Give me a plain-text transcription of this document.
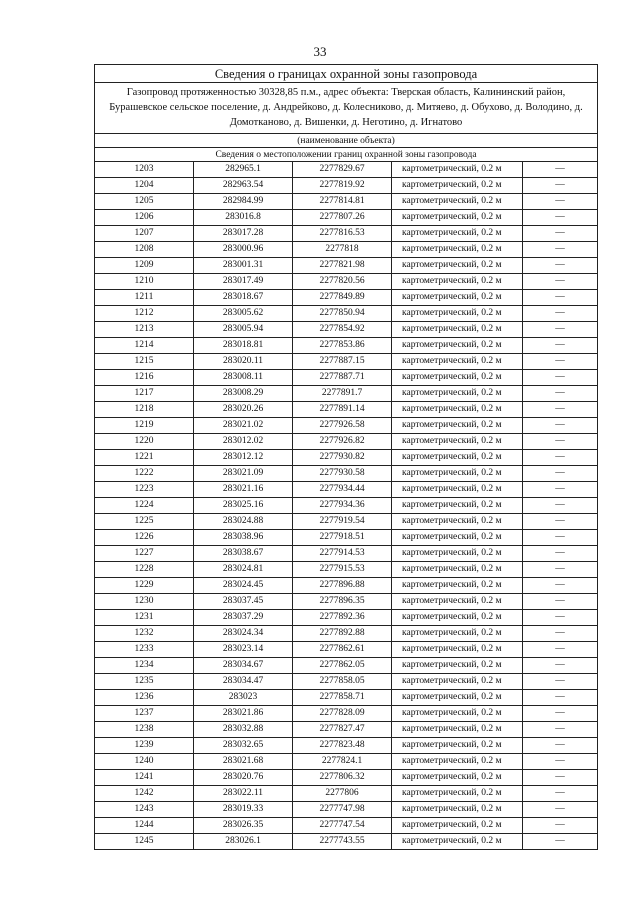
33
Сведения о границах охранной зоны газопровода				
Газопровод протяженностью 30328,85 п.м., адрес объекта: Тверская область, Калининский район, Бурашевское сельское поселение, д. Андрейково, д. Колесниково, д. Митяево, д. Обухово, д. Володино, д. Домотканово, д. Вишенки, д. Неготино, д. Игнатово				
(наименование объекта)				
Сведения о местоположении границ охранной зоны газопровода				
1203	282965.1	2277829.67	картометрический, 0.2 м	—
1204	282963.54	2277819.92	картометрический, 0.2 м	—
1205	282984.99	2277814.81	картометрический, 0.2 м	—
1206	283016.8	2277807.26	картометрический, 0.2 м	—
1207	283017.28	2277816.53	картометрический, 0.2 м	—
1208	283000.96	2277818	картометрический, 0.2 м	—
1209	283001.31	2277821.98	картометрический, 0.2 м	—
1210	283017.49	2277820.56	картометрический, 0.2 м	—
1211	283018.67	2277849.89	картометрический, 0.2 м	—
1212	283005.62	2277850.94	картометрический, 0.2 м	—
1213	283005.94	2277854.92	картометрический, 0.2 м	—
1214	283018.81	2277853.86	картометрический, 0.2 м	—
1215	283020.11	2277887.15	картометрический, 0.2 м	—
1216	283008.11	2277887.71	картометрический, 0.2 м	—
1217	283008.29	2277891.7	картометрический, 0.2 м	—
1218	283020.26	2277891.14	картометрический, 0.2 м	—
1219	283021.02	2277926.58	картометрический, 0.2 м	—
1220	283012.02	2277926.82	картометрический, 0.2 м	—
1221	283012.12	2277930.82	картометрический, 0.2 м	—
1222	283021.09	2277930.58	картометрический, 0.2 м	—
1223	283021.16	2277934.44	картометрический, 0.2 м	—
1224	283025.16	2277934.36	картометрический, 0.2 м	—
1225	283024.88	2277919.54	картометрический, 0.2 м	—
1226	283038.96	2277918.51	картометрический, 0.2 м	—
1227	283038.67	2277914.53	картометрический, 0.2 м	—
1228	283024.81	2277915.53	картометрический, 0.2 м	—
1229	283024.45	2277896.88	картометрический, 0.2 м	—
1230	283037.45	2277896.35	картометрический, 0.2 м	—
1231	283037.29	2277892.36	картометрический, 0.2 м	—
1232	283024.34	2277892.88	картометрический, 0.2 м	—
1233	283023.14	2277862.61	картометрический, 0.2 м	—
1234	283034.67	2277862.05	картометрический, 0.2 м	—
1235	283034.47	2277858.05	картометрический, 0.2 м	—
1236	283023	2277858.71	картометрический, 0.2 м	—
1237	283021.86	2277828.09	картометрический, 0.2 м	—
1238	283032.88	2277827.47	картометрический, 0.2 м	—
1239	283032.65	2277823.48	картометрический, 0.2 м	—
1240	283021.68	2277824.1	картометрический, 0.2 м	—
1241	283020.76	2277806.32	картометрический, 0.2 м	—
1242	283022.11	2277806	картометрический, 0.2 м	—
1243	283019.33	2277747.98	картометрический, 0.2 м	—
1244	283026.35	2277747.54	картометрический, 0.2 м	—
1245	283026.1	2277743.55	картометрический, 0.2 м	—
